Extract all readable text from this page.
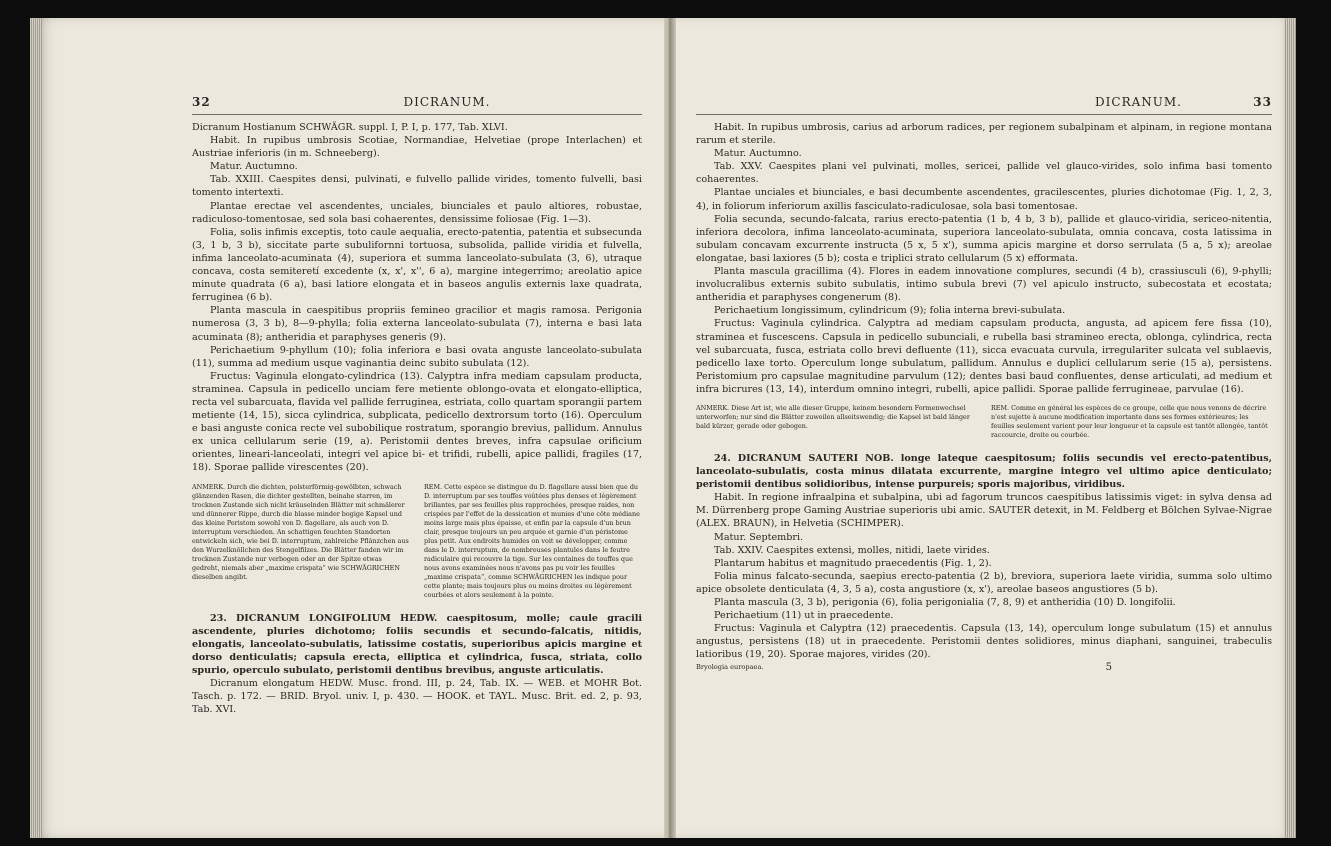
32	DICRANUM.

Dicranum Hostianum SCHWÄGR. suppl. I, P. I, p. 177, Tab. XLVI.

Habit. In rupibus umbrosis Scotiae, Normandiae, Helvetiae (prope Interlachen) et Austriae inferioris (in m. Schneeberg).

Matur. Auctumno.

Tab. XXIII. Caespites densi, pulvinati, e fulvello pallide virides, tomento fulvelli, basi tomento intertexti.

Plantae erectae vel ascendentes, unciales, biunciales et paulo altiores, robustae, radiculoso-tomentosae, sed sola basi cohaerentes, densissime foliosae (Fig. 1—3).

Folia, solis infimis exceptis, toto caule aequalia, erecto-patentia, patentia et subsecunda (3, 1 b, 3 b), siccitate parte subulifornni tortuosa, subsolida, pallide viridia et fulvella, infima lanceolato-acuminata (4), superiora et summa lanceolato-subulata (3, 6), utraque concava, costa semiteretí excedente (x, x', x'', 6 a), margine integerrimo; areolatio apice minute quadrata (6 a), basi latiore elongata et in baseos angulis externis laxe quadrata, ferruginea (6 b).

Planta mascula in caespitibus propriis femineo gracilior et magis ramosa. Perigonia numerosa (3, 3 b), 8—9-phylla; folia externa lanceolato-subulata (7), interna e basi lata acuminata (8); antheridia et paraphyses generis (9).

Perichaetium 9-phyllum (10); folia inferiora e basi ovata anguste lanceolato-subulata (11), summa ad medium usque vaginantia deinc subito subulata (12).

Fructus: Vaginula elongato-cylindrica (13). Calyptra infra mediam capsulam producta, straminea. Capsula in pedicello unciam fere metiente oblongo-ovata et elongato-elliptica, recta vel subarcuata, flavida vel pallide ferruginea, estriata, collo quartam sporangii partem metiente (14, 15), sicca cylindrica, subplicata, pedicello dextrorsum torto (16). Operculum e basi anguste conica recte vel subobilique rostratum, sporangio brevius, pallidum. Annulus ex unica cellularum serie (19, a). Peristomii dentes breves, infra capsulae orificium orientes, lineari-lanceolati, integri vel apice bi- et trifidi, rubelli, apice pallidi, fragiles (17, 18). Sporae pallide virescentes (20).

ANMERK. Durch die dichten, polsterförmig-gewölbten, schwach glänzenden Rasen, die dichter gestellten, beinahe starren, im trocknen Zustande sich nicht kräuselnden Blätter mit schmälerer und dünnerer Rippe, durch die blasse minder bogige Kapsel und das kleine Peristom sowohl von D. flagellare, als auch von D. interruptum verschieden. An schattigen feuchten Standorten entwickeln sich, wie bei D. interruptum, zahlreiche Pflänzchen aus den Wurzelknöllchen des Stengelfilzes. Die Blätter fanden wir im trocknen Zustande nur verbogen oder an der Spitze etwas gedreht, niemals aber „maxime crispata“ wie SCHWÄGRICHEN dieselben angibt.
REM. Cette espèce se distingue du D. flagellare aussi bien que du D. interruptum par ses touffes voûtées plus denses et légèrement brillantes, par ses feuilles plus rapprochées, presque raides, non crispées par l'effet de la dessication et munies d'une côte médiane moins large mais plus épaisse, et enfin par la capsule d'un brun clair, presque toujours un peu arquée et garnie d'un péristome plus petit. Aux endroits humides on voit se développer, comme dans le D. interruptum, de nombreuses plantules dans le feutre radiculaire qui recouvre la tige. Sur les centaines de touffes que nous avons examinées nous n'avons pas pu voir les feuilles „maxime crispata“, comme SCHWÄGRICHEN les indique pour cette plante; mais toujours plus ou moins droites ou légèrement courbées et alors seulement à la pointe.

23. DICRANUM LONGIFOLIUM HEDW. caespitosum, molle; caule gracili ascendente, pluries dichotomo; foliis secundis et secundo-falcatis, nitidis, elongatis, lanceolato-subulatis, latissime costatis, superioribus apicis margine et dorso denticulatis; capsula erecta, elliptica et cylindrica, fusca, striata, collo spurio, operculo subulato, peristomii dentibus brevibus, anguste articulatis.

Dicranum elongatum HEDW. Musc. frond. III, p. 24, Tab. IX. — WEB. et MOHR Bot. Tasch. p. 172. — BRID. Bryol. univ. I, p. 430. — HOOK. et TAYL. Musc. Brit. ed. 2, p. 93, Tab. XVI.

DICRANUM.	33

Habit. In rupibus umbrosis, carius ad arborum radices, per regionem subalpinam et alpinam, in regione montana rarum et sterile.

Matur. Auctumno.

Tab. XXV. Caespites plani vel pulvinati, molles, sericei, pallide vel glauco-virides, solo infima basi tomento cohaerentes.

Plantae unciales et biunciales, e basi decumbente ascendentes, gracilescentes, pluries dichotomae (Fig. 1, 2, 3, 4), in foliorum inferiorum axillis fasciculato-radiculosae, sola basi tomentosae.

Folia secunda, secundo-falcata, rarius erecto-patentia (1 b, 4 b, 3 b), pallide et glauco-viridia, sericeo-nitentia, inferiora decolora, infima lanceolato-acuminata, superiora lanceolato-subulata, omnia concava, costa latissima in subulam concavam excurrente instructa (5 x, 5 x'), summa apicis margine et dorso serrulata (5 a, 5 x); areolae elongatae, basi laxiores (5 b); costa e triplici strato cellularum (5 x) efformata.

Planta mascula gracillima (4). Flores in eadem innovatione complures, secundi (4 b), crassiusculi (6), 9-phylli; involucralibus externis subito subulatis, intimo subula brevi (7) vel apiculo instructo, subecostata et ecostata; antheridia et paraphyses congenerum (8).

Perichaetium longissimum, cylindricum (9); folia interna brevi-subulata.

Fructus: Vaginula cylindrica. Calyptra ad mediam capsulam producta, angusta, ad apicem fere fissa (10), straminea et fuscescens. Capsula in pedicello subunciali, e rubella basi stramineo erecta, oblonga, cylindrica, recta vel subarcuata, fusca, estriata collo brevi defluente (11), sicca evacuata curvula, irregulariter sulcata vel sublaevis, pedicello laxe torto. Operculum longe subulatum, pallidum. Annulus e duplici cellularum serie (15 a), persistens. Peristomium pro capsulae magnitudine parvulum (12); dentes basi baud confluentes, dense articulati, ad medium et infra bicrures (13, 14), interdum omnino integri, rubelli, apice pallidi. Sporae pallide ferrugineae, parvulae (16).

ANMERK. Diese Art ist, wie alle dieser Gruppe, keinem besondern Formenwechsel unterworfen; nur sind die Blätter zuweilen allseitswendig; die Kapsel ist bald länger bald kürzer, gerade oder gebogen.
REM. Comme en général les espèces de ce groupe, celle que nous venons de décrire n'est sujette à aucune modification importante dans ses formes extérieures; les feuilles seulement varient pour leur longueur et la capsule est tantôt allongée, tantôt raccourcie, droite ou courbée.

24. DICRANUM SAUTERI NOB. longe lateque caespitosum; foliis secundis vel erecto-patentibus, lanceolato-subulatis, costa minus dilatata excurrente, margine integro vel ultimo apice denticulato; peristomii dentibus solidioribus, intense purpureis; sporis majoribus, viridibus.

Habit. In regione infraalpina et subalpina, ubi ad fagorum truncos caespitibus latissimis viget: in sylva densa ad M. Dürrenberg prope Gaming Austriae superioris ubi amic. SAUTER detexit, in M. Feldberg et Bölchen Sylvae-Nigrae (ALEX. BRAUN), in Helvetia (SCHIMPER).

Matur. Septembri.

Tab. XXIV. Caespites extensi, molles, nitidi, laete virides.

Plantarum habitus et magnitudo praecedentis (Fig. 1, 2).

Folia minus falcato-secunda, saepius erecto-patentia (2 b), breviora, superiora laete viridia, summa solo ultimo apice obsolete denticulata (4, 3, 5 a), costa angustiore (x, x'), areolae baseos angustiores (5 b).

Planta mascula (3, 3 b), perigonia (6), folia perigonialia (7, 8, 9) et antheridia (10) D. longifolii.

Perichaetium (11) ut in praecedente.

Fructus: Vaginula et Calyptra (12) praecedentis. Capsula (13, 14), operculum longe subulatum (15) et annulus angustus, persistens (18) ut in praecedente. Peristomii dentes solidiores, minus diaphani, sanguinei, trabeculis latioribus (19, 20). Sporae majores, virides (20).

Bryologia europaea.	5
